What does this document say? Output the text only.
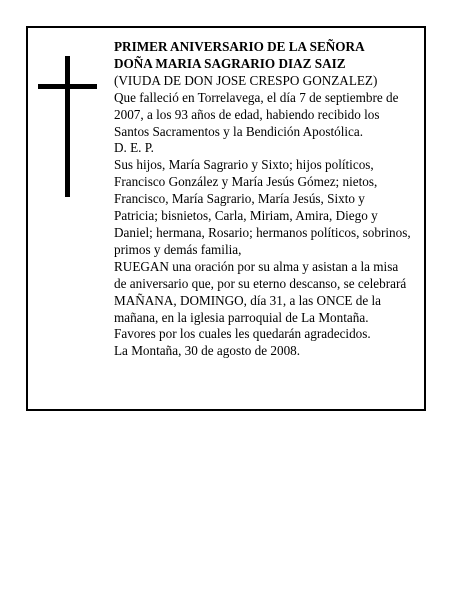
PRIMER ANIVERSARIO DE LA SEÑORA
DOÑA MARIA SAGRARIO DIAZ SAIZ
(VIUDA DE DON JOSE CRESPO GONZALEZ)
Que falleció en Torrelavega, el día 7 de septiembre de
2007, a los 93 años de edad, habiendo recibido los
Santos Sacramentos y la Bendición Apostólica.
D. E. P.
Sus hijos, María Sagrario y Sixto; hijos políticos,
Francisco González y María Jesús Gómez; nietos,
Francisco, María Sagrario, María Jesús, Sixto y
Patricia; bisnietos, Carla, Miriam, Amira, Diego y
Daniel; hermana, Rosario; hermanos políticos, sobrinos,
primos y demás familia,
RUEGAN una oración por su alma y asistan a la misa
de aniversario que, por su eterno descanso, se celebrará
MAÑANA, DOMINGO, día 31, a las ONCE de la
mañana, en la iglesia parroquial de La Montaña.
Favores por los cuales les quedarán agradecidos.
La Montaña, 30 de agosto de 2008.
